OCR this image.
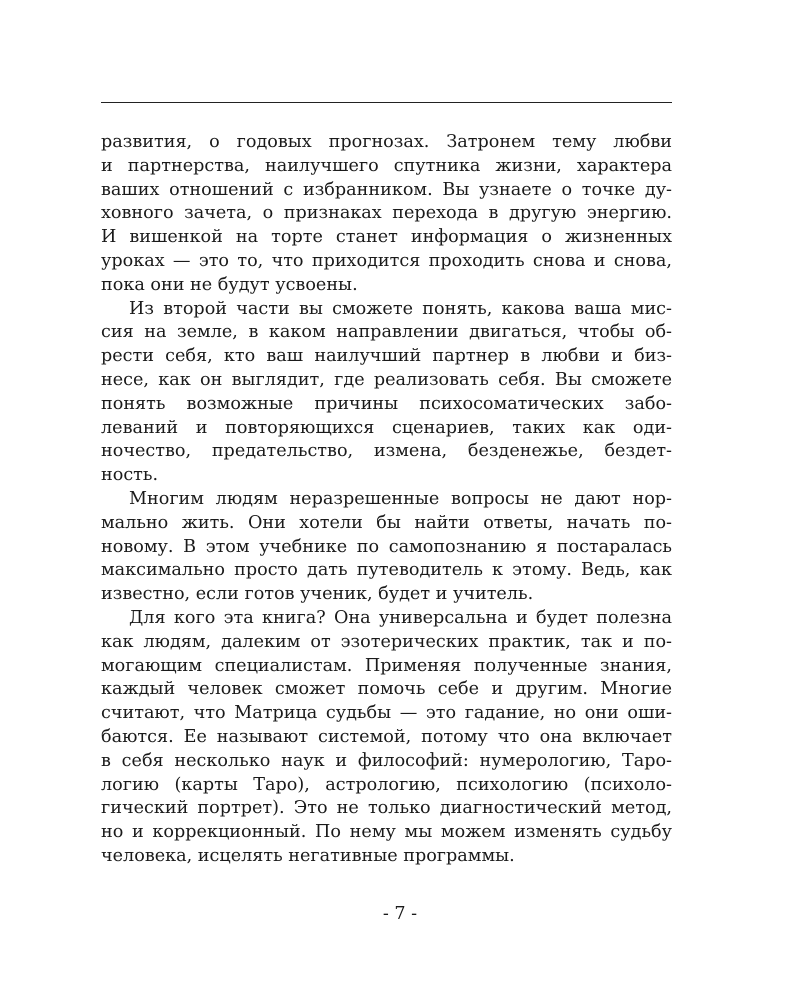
развития, о годовых прогнозах. Затронем тему любви
и партнерства, наилучшего спутника жизни, характера
ваших отношений с избранником. Вы узнаете о точке ду-
ховного зачета, о признаках перехода в другую энергию.
И вишенкой на торте станет информация о жизненных
уроках — это то, что приходится проходить снова и снова,
пока они не будут усвоены.
Из второй части вы сможете понять, какова ваша мис-
сия на земле, в каком направлении двигаться, чтобы об-
рести себя, кто ваш наилучший партнер в любви и биз-
несе, как он выглядит, где реализовать себя. Вы сможете
понять возможные причины психосоматических забо-
леваний и повторяющихся сценариев, таких как оди-
ночество, предательство, измена, безденежье, бездет-
ность.
Многим людям неразрешенные вопросы не дают нор-
мально жить. Они хотели бы найти ответы, начать по-
новому. В этом учебнике по самопознанию я постаралась
максимально просто дать путеводитель к этому. Ведь, как
известно, если готов ученик, будет и учитель.
Для кого эта книга? Она универсальна и будет полезна
как людям, далеким от эзотерических практик, так и по-
могающим специалистам. Применяя полученные знания,
каждый человек сможет помочь себе и другим. Многие
считают, что Матрица судьбы — это гадание, но они оши-
баются. Ее называют системой, потому что она включает
в себя несколько наук и философий: нумерологию, Таро-
логию (карты Таро), астрологию, психологию (психоло-
гический портрет). Это не только диагностический метод,
но и коррекционный. По нему мы можем изменять судьбу
человека, исцелять негативные программы.
- 7 -
